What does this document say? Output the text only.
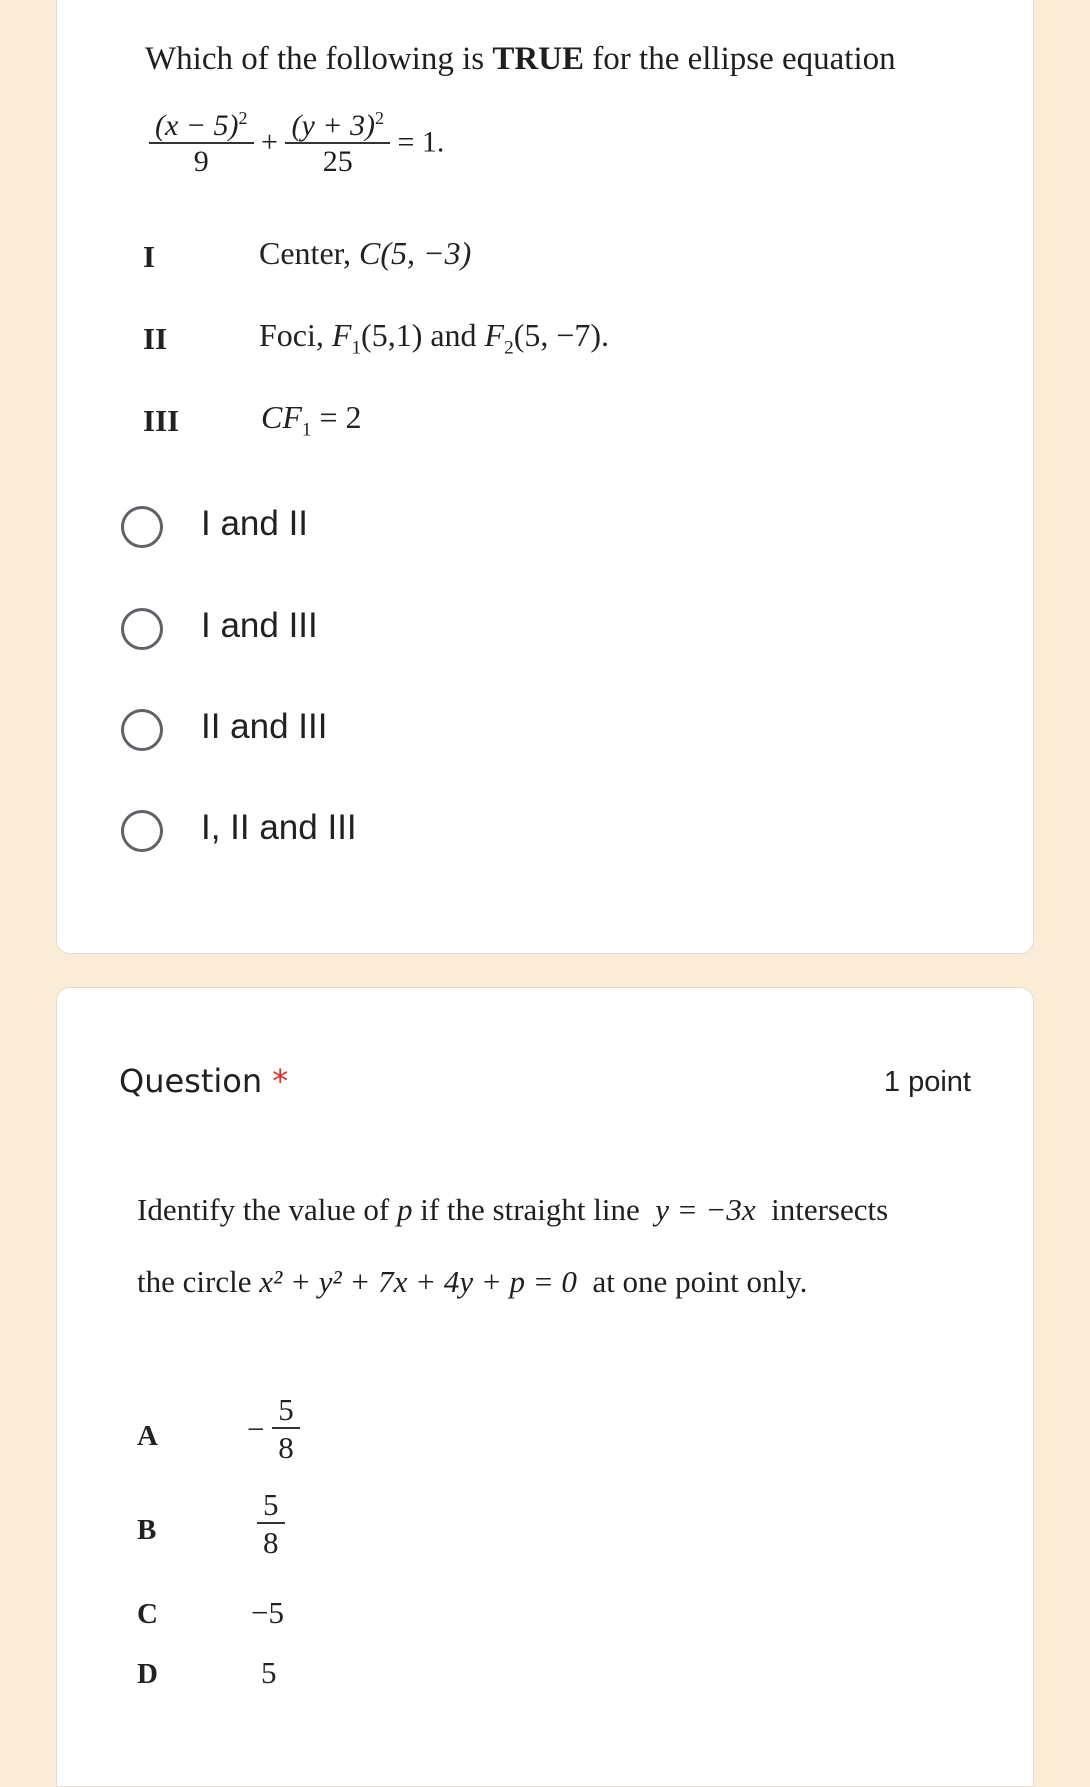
Which of the following is TRUE for the ellipse equation
$\frac{(x - 5)^2}{9} + \frac{(y + 3)^2}{25} = 1$.
I	Center, C(5, −3)
II	Foci, $F_1(5,1)$ and $F_2(5$, −7).
III	$CF_1 = 2$
I and II
I and III
II and III
I, II and III
Question *	1 point
Identify the value of p if the straight line y = −3x intersects
the circle x² + y² + 7x + 4y + p = 0 at one point only.
A	− $\frac{5}{8}$
B	$\frac{5}{8}$
C	−5
D	5
